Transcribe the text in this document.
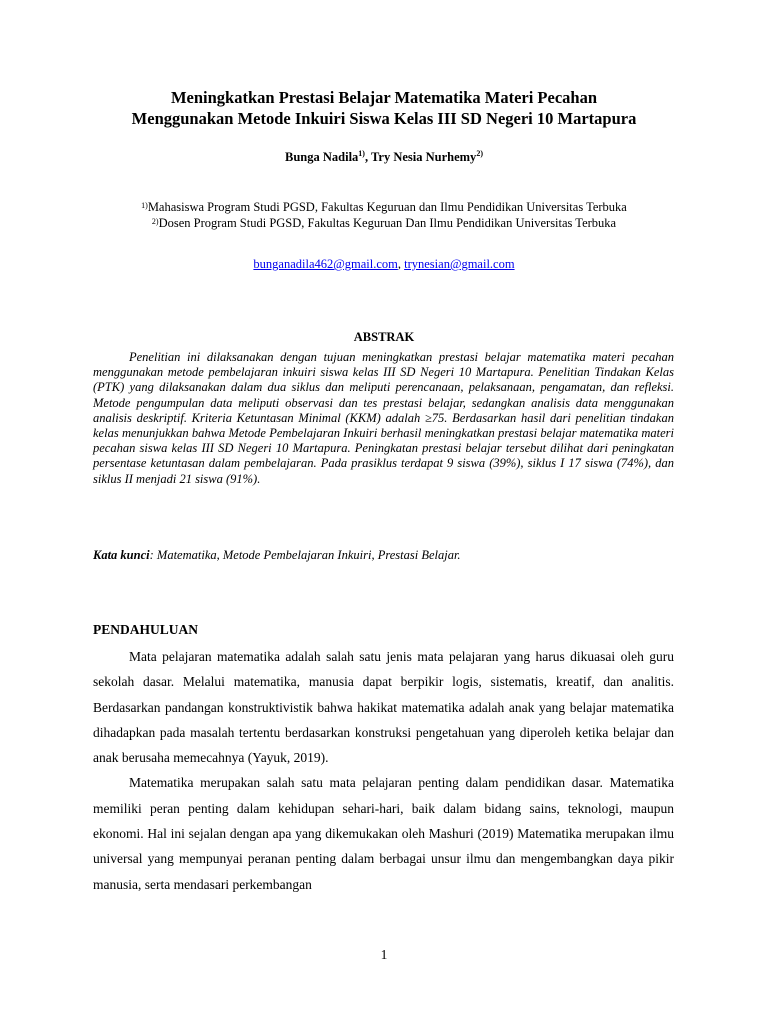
Meningkatkan Prestasi Belajar Matematika Materi Pecahan
Menggunakan Metode Inkuiri Siswa Kelas III SD Negeri 10 Martapura
Bunga Nadila$^{1)}$, Try Nesia Nurhemy$^{2)}$
$^{1)}$Mahasiswa Program Studi PGSD, Fakultas Keguruan dan Ilmu Pendidikan Universitas Terbuka
$^{2)}$Dosen Program Studi PGSD, Fakultas Keguruan Dan Ilmu Pendidikan Universitas Terbuka
bunganadila462@gmail.com, trynesian@gmail.com
ABSTRAK
Penelitian ini dilaksanakan dengan tujuan meningkatkan prestasi belajar matematika materi pecahan menggunakan metode pembelajaran inkuiri siswa kelas III SD Negeri 10 Martapura. Penelitian Tindakan Kelas (PTK) yang dilaksanakan dalam dua siklus dan meliputi perencanaan, pelaksanaan, pengamatan, dan refleksi. Metode pengumpulan data meliputi observasi dan tes prestasi belajar, sedangkan analisis data menggunakan analisis deskriptif. Kriteria Ketuntasan Minimal (KKM) adalah ≥75. Berdasarkan hasil dari penelitian tindakan kelas menunjukkan bahwa Metode Pembelajaran Inkuiri berhasil meningkatkan prestasi belajar matematika materi pecahan siswa kelas III SD Negeri 10 Martapura. Peningkatan prestasi belajar tersebut dilihat dari peningkatan persentase ketuntasan dalam pembelajaran. Pada prasiklus terdapat 9 siswa (39%), siklus I 17 siswa (74%), dan siklus II menjadi 21 siswa (91%).
Kata kunci: Matematika, Metode Pembelajaran Inkuiri, Prestasi Belajar.
PENDAHULUAN

Mata pelajaran matematika adalah salah satu jenis mata pelajaran yang harus dikuasai oleh guru sekolah dasar. Melalui matematika, manusia dapat berpikir logis, sistematis, kreatif, dan analitis. Berdasarkan pandangan konstruktivistik bahwa hakikat matematika adalah anak yang belajar matematika dihadapkan pada masalah tertentu berdasarkan konstruksi pengetahuan yang diperoleh ketika belajar dan anak berusaha memecahnya (Yayuk, 2019).

Matematika merupakan salah satu mata pelajaran penting dalam pendidikan dasar. Matematika memiliki peran penting dalam kehidupan sehari-hari, baik dalam bidang sains, teknologi, maupun ekonomi. Hal ini sejalan dengan apa yang dikemukakan oleh Mashuri (2019) Matematika merupakan ilmu universal yang mempunyai peranan penting dalam berbagai unsur ilmu dan mengembangkan daya pikir manusia, serta mendasari perkembangan

1
